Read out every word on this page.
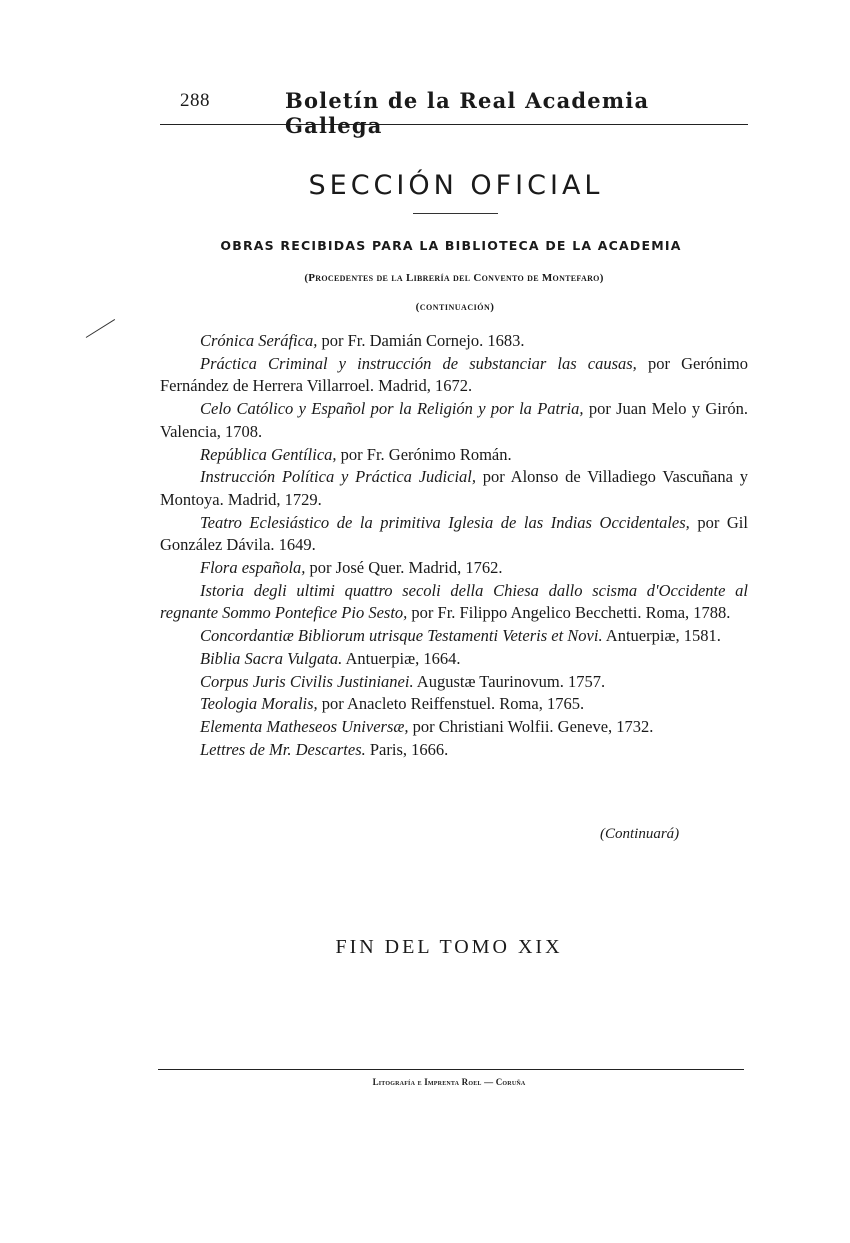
288	Boletín de la Real Academia Gallega
SECCIÓN OFICIAL
OBRAS RECIBIDAS PARA LA BIBLIOTECA DE LA ACADEMIA
(Procedentes de la Librería del Convento de Montefaro)
(continuación)

Crónica Seráfica, por Fr. Damián Cornejo. 1683.

Práctica Criminal y instrucción de substanciar las causas, por Gerónimo Fernández de Herrera Villarroel. Madrid, 1672.

Celo Católico y Español por la Religión y por la Patria, por Juan Melo y Girón. Valencia, 1708.

República Gentílica, por Fr. Gerónimo Román.

Instrucción Política y Práctica Judicial, por Alonso de Villadiego Vascuñana y Montoya. Madrid, 1729.

Teatro Eclesiástico de la primitiva Iglesia de las Indias Occidentales, por Gil González Dávila. 1649.

Flora española, por José Quer. Madrid, 1762.

Istoria degli ultimi quattro secoli della Chiesa dallo scisma d'Occidente al regnante Sommo Pontefice Pio Sesto, por Fr. Filippo Angelico Becchetti. Roma, 1788.

Concordantiæ Bibliorum utrisque Testamenti Veteris et Novi. Antuerpiæ, 1581.

Biblia Sacra Vulgata. Antuerpiæ, 1664.

Corpus Juris Civilis Justinianei. Augustæ Taurinovum. 1757.

Teologia Moralis, por Anacleto Reiffenstuel. Roma, 1765.

Elementa Matheseos Universæ, por Christiani Wolfii. Geneve, 1732.

Lettres de Mr. Descartes. Paris, 1666.

(Continuará)
FIN DEL TOMO XIX
Litografía e Imprenta Roel — Coruña
